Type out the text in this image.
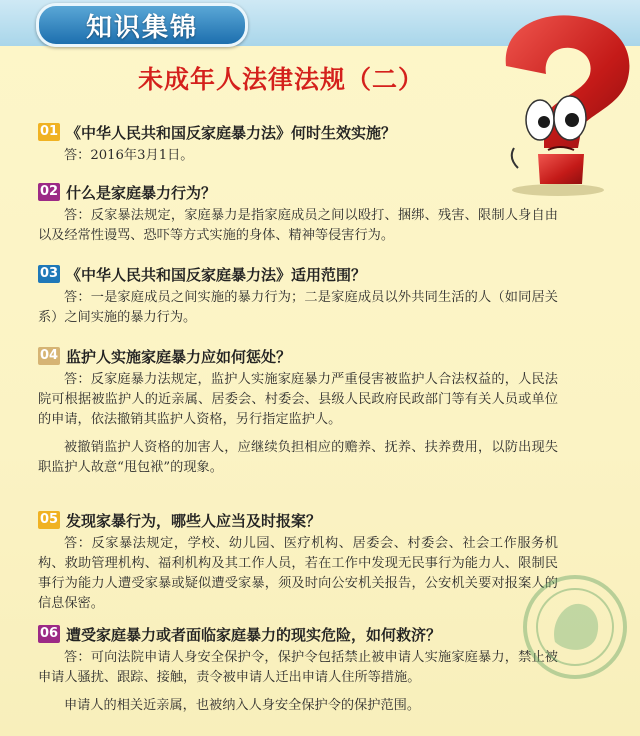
知识集锦
未成年人法律法规（二）
01 《中华人民共和国反家庭暴力法》何时生效实施？

答：2016年3月1日。

02 什么是家庭暴力行为？

答：反家暴法规定，家庭暴力是指家庭成员之间以殴打、捆绑、残害、限制人身自由以及经常性谩骂、恐吓等方式实施的身体、精神等侵害行为。

03 《中华人民共和国反家庭暴力法》适用范围？

答：一是家庭成员之间实施的暴力行为；二是家庭成员以外共同生活的人（如同居关系）之间实施的暴力行为。

04 监护人实施家庭暴力应如何惩处？

答：反家庭暴力法规定，监护人实施家庭暴力严重侵害被监护人合法权益的，人民法院可根据被监护人的近亲属、居委会、村委会、县级人民政府民政部门等有关人员或单位的申请，依法撤销其监护人资格，另行指定监护人。

被撤销监护人资格的加害人，应继续负担相应的赡养、抚养、扶养费用，以防出现失职监护人故意“甩包袱”的现象。

05 发现家暴行为，哪些人应当及时报案？

答：反家暴法规定，学校、幼儿园、医疗机构、居委会、村委会、社会工作服务机构、救助管理机构、福利机构及其工作人员，若在工作中发现无民事行为能力人、限制民事行为能力人遭受家暴或疑似遭受家暴，须及时向公安机关报告，公安机关要对报案人的信息保密。

06 遭受家庭暴力或者面临家庭暴力的现实危险，如何救济？

答：可向法院申请人身安全保护令，保护令包括禁止被申请人实施家庭暴力，禁止被申请人骚扰、跟踪、接触，责令被申请人迁出申请人住所等措施。

申请人的相关近亲属，也被纳入人身安全保护令的保护范围。
